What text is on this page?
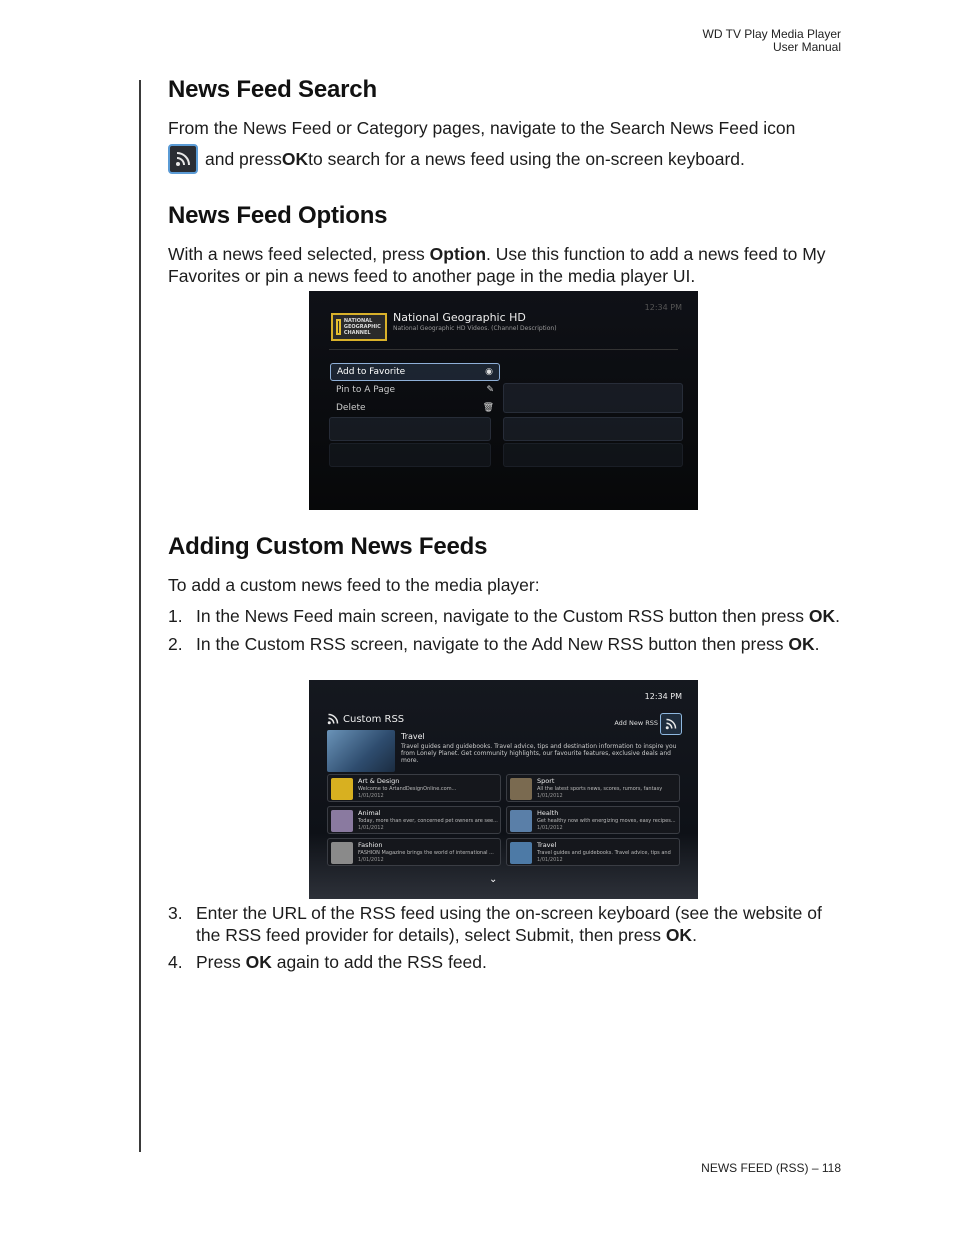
WD TV Play Media Player
User Manual
News Feed Search

From the News Feed or Category pages, navigate to the Search News Feed icon

and press OK to search for a news feed using the on-screen keyboard.

News Feed Options

With a news feed selected, press Option. Use this function to add a news feed to My Favorites or pin a news feed to another page in the media player UI.

NATIONAL GEOGRAPHIC CHANNEL
National Geographic HD
National Geographic HD Videos. (Channel Description)
12:34 PM
Add to Favorite	◉
Pin to A Page	✎
Delete	🗑
Adding Custom News Feeds

To add a custom news feed to the media player:

1. In the News Feed main screen, navigate to the Custom RSS button then press OK.
2. In the Custom RSS screen, navigate to the Add New RSS button then press OK.
12:34 PM
Custom RSS	Add New RSS
Travel
Travel guides and guidebooks. Travel advice, tips and destination information to inspire you from Lonely Planet. Get community highlights, our favourite features, exclusive deals and more.
Art & Design
Welcome to ArtandDesignOnline.com...
1/01/2012
Sport
All the latest sports news, scores, rumors, fantasy
1/01/2012
Animal
Today, more than ever, concerned pet owners are see...
1/01/2012
Health
Get healthy now with energizing moves, easy recipes...
1/01/2012
Fashion
FASHION Magazine brings the world of international ...
1/01/2012
Travel
Travel guides and guidebooks. Travel advice, tips and
1/01/2012
⌄
3. Enter the URL of the RSS feed using the on-screen keyboard (see the website of the RSS feed provider for details), select Submit, then press OK.
4. Press OK again to add the RSS feed.
NEWS FEED (RSS) – 118
